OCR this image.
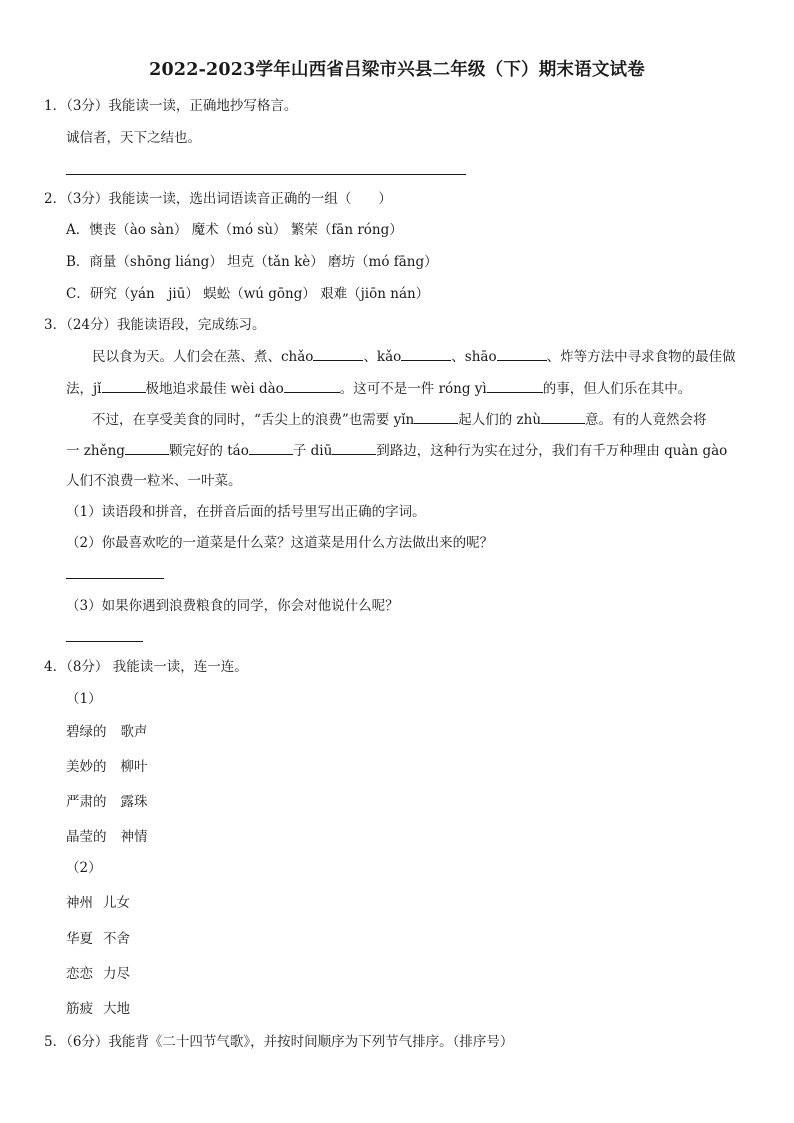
2022-2023学年山西省吕梁市兴县二年级（下）期末语文试卷
1．（3分）我能读一读，正确地抄写格言。
诚信者，天下之结也。
2．（3分）我能读一读，选出词语读音正确的一组（　　）
A．懊丧（ào sàn） 魔术（mó sù） 繁荣（fān róng）
B．商量（shōng liáng） 坦克（tǎn kè） 磨坊（mó fāng）
C．研究（yán　jiū） 蜈蚣（wú gōng） 艰难（jiōn nán）
3．（24分）我能读语段，完成练习。
民以食为天。人们会在蒸、煮、chǎo	、kǎo	、shāo	、炸等方法中寻求食物的最佳做
法，jǐ	极地追求最佳 wèi dào	。这可不是一件 róng yì	的事，但人们乐在其中。
不过，在享受美食的同时，“舌尖上的浪费”也需要 yǐn	起人们的 zhù	意。有的人竟然会将
一 zhěng	颗完好的 táo	子 diū	到路边，这种行为实在过分，我们有千万种理由 quàn gào
人们不浪费一粒米、一叶菜。
（1）读语段和拼音，在拼音后面的括号里写出正确的字词。
（2）你最喜欢吃的一道菜是什么菜？这道菜是用什么方法做出来的呢？
（3）如果你遇到浪费粮食的同学，你会对他说什么呢？
4．（8分） 我能读一读，连一连。
（1）
碧绿的 歌声
美妙的 柳叶
严肃的 露珠
晶莹的 神情
（2）
神州 儿女
华夏 不舍
恋恋 力尽
筋疲 大地
5．（6分）我能背《二十四节气歌》，并按时间顺序为下列节气排序。（排序号）
